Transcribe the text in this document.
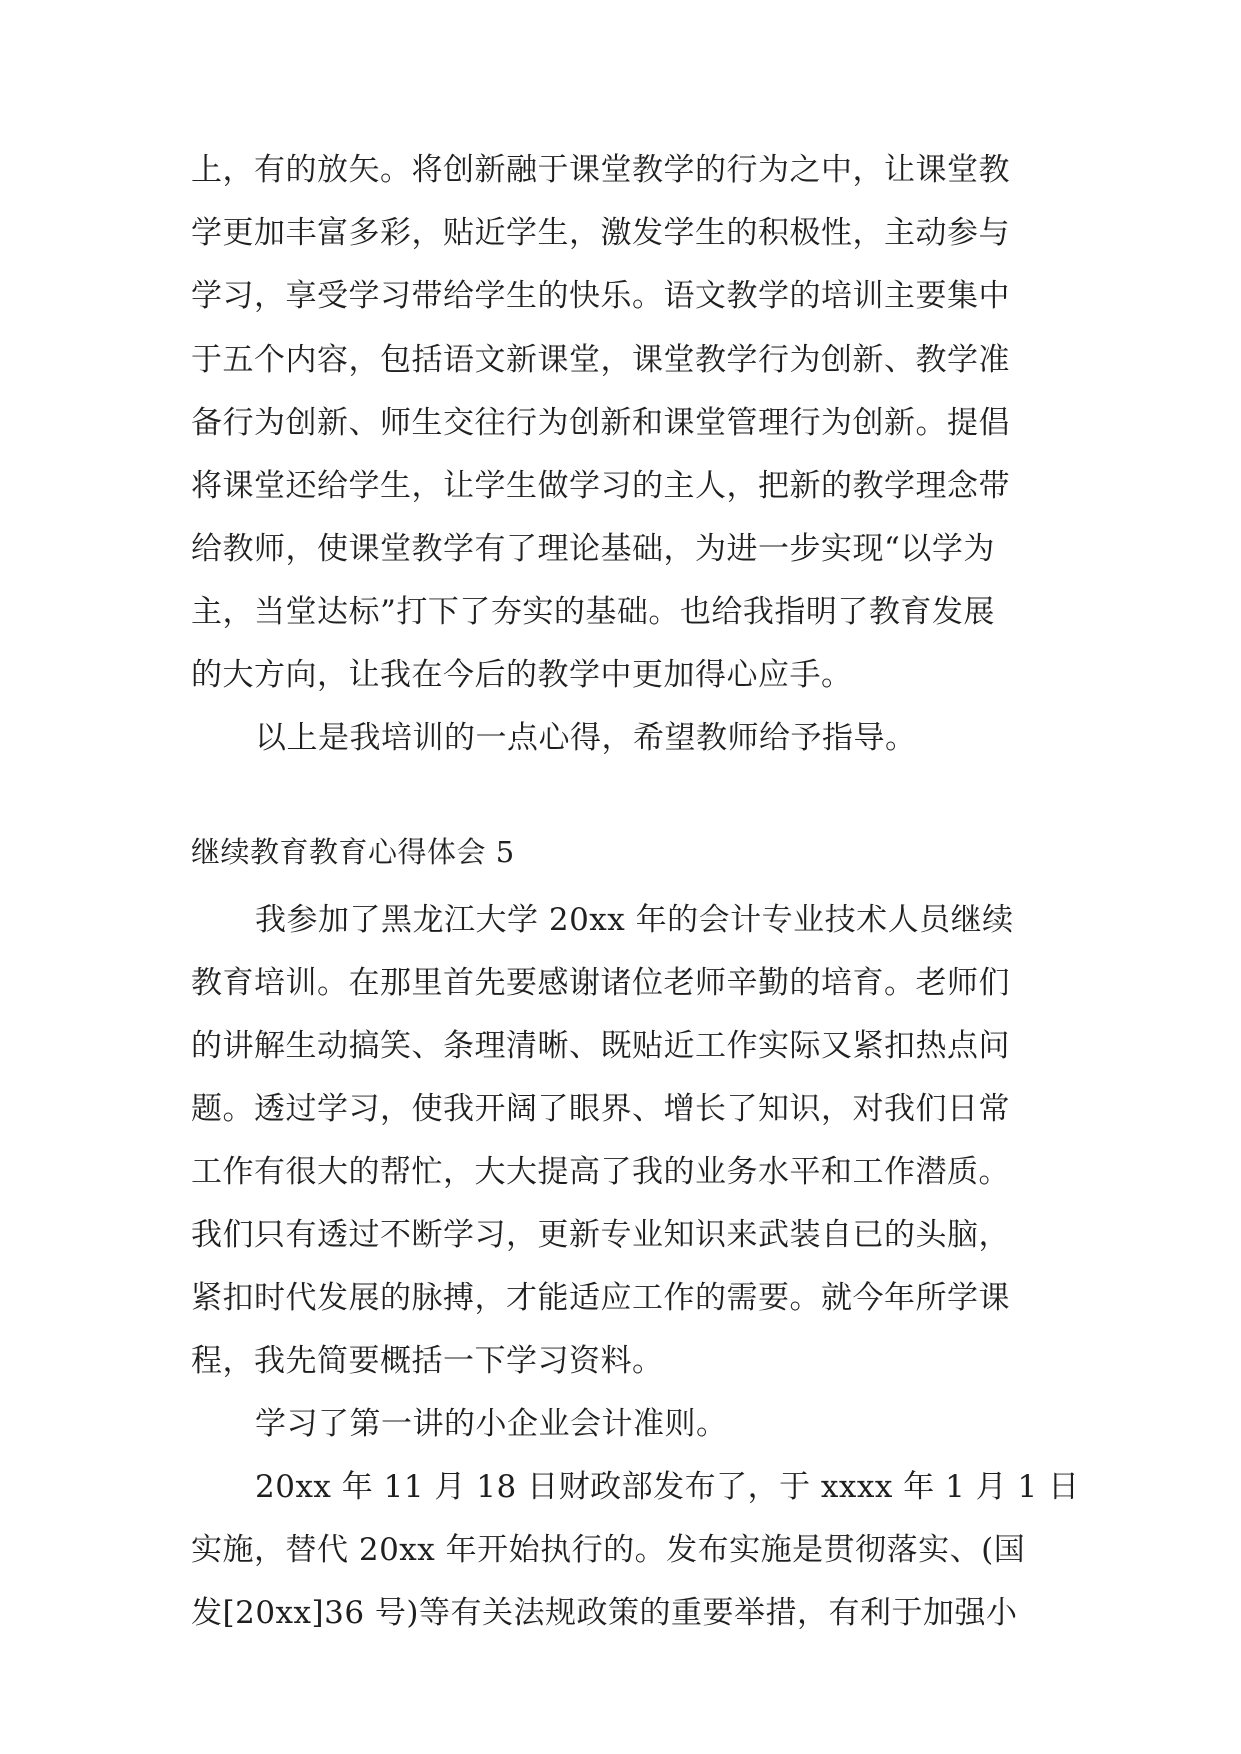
上，有的放矢。将创新融于课堂教学的行为之中，让课堂教
学更加丰富多彩，贴近学生，激发学生的积极性，主动参与
学习，享受学习带给学生的快乐。语文教学的培训主要集中
于五个内容，包括语文新课堂，课堂教学行为创新、教学准
备行为创新、师生交往行为创新和课堂管理行为创新。提倡
将课堂还给学生，让学生做学习的主人，把新的教学理念带
给教师，使课堂教学有了理论基础，为进一步实现“以学为
主，当堂达标”打下了夯实的基础。也给我指明了教育发展
的大方向，让我在今后的教学中更加得心应手。
以上是我培训的一点心得，希望教师给予指导。
继续教育教育心得体会 5
我参加了黑龙江大学 20xx 年的会计专业技术人员继续
教育培训。在那里首先要感谢诸位老师辛勤的培育。老师们
的讲解生动搞笑、条理清晰、既贴近工作实际又紧扣热点问
题。透过学习，使我开阔了眼界、增长了知识，对我们日常
工作有很大的帮忙，大大提高了我的业务水平和工作潜质。
我们只有透过不断学习，更新专业知识来武装自已的头脑，
紧扣时代发展的脉搏，才能适应工作的需要。就今年所学课
程，我先简要概括一下学习资料。
学习了第一讲的小企业会计准则。
20xx 年 11 月 18 日财政部发布了，于 xxxx 年 1 月 1 日
实施，替代 20xx 年开始执行的。发布实施是贯彻落实、(国
发[20xx]36 号)等有关法规政策的重要举措，有利于加强小
